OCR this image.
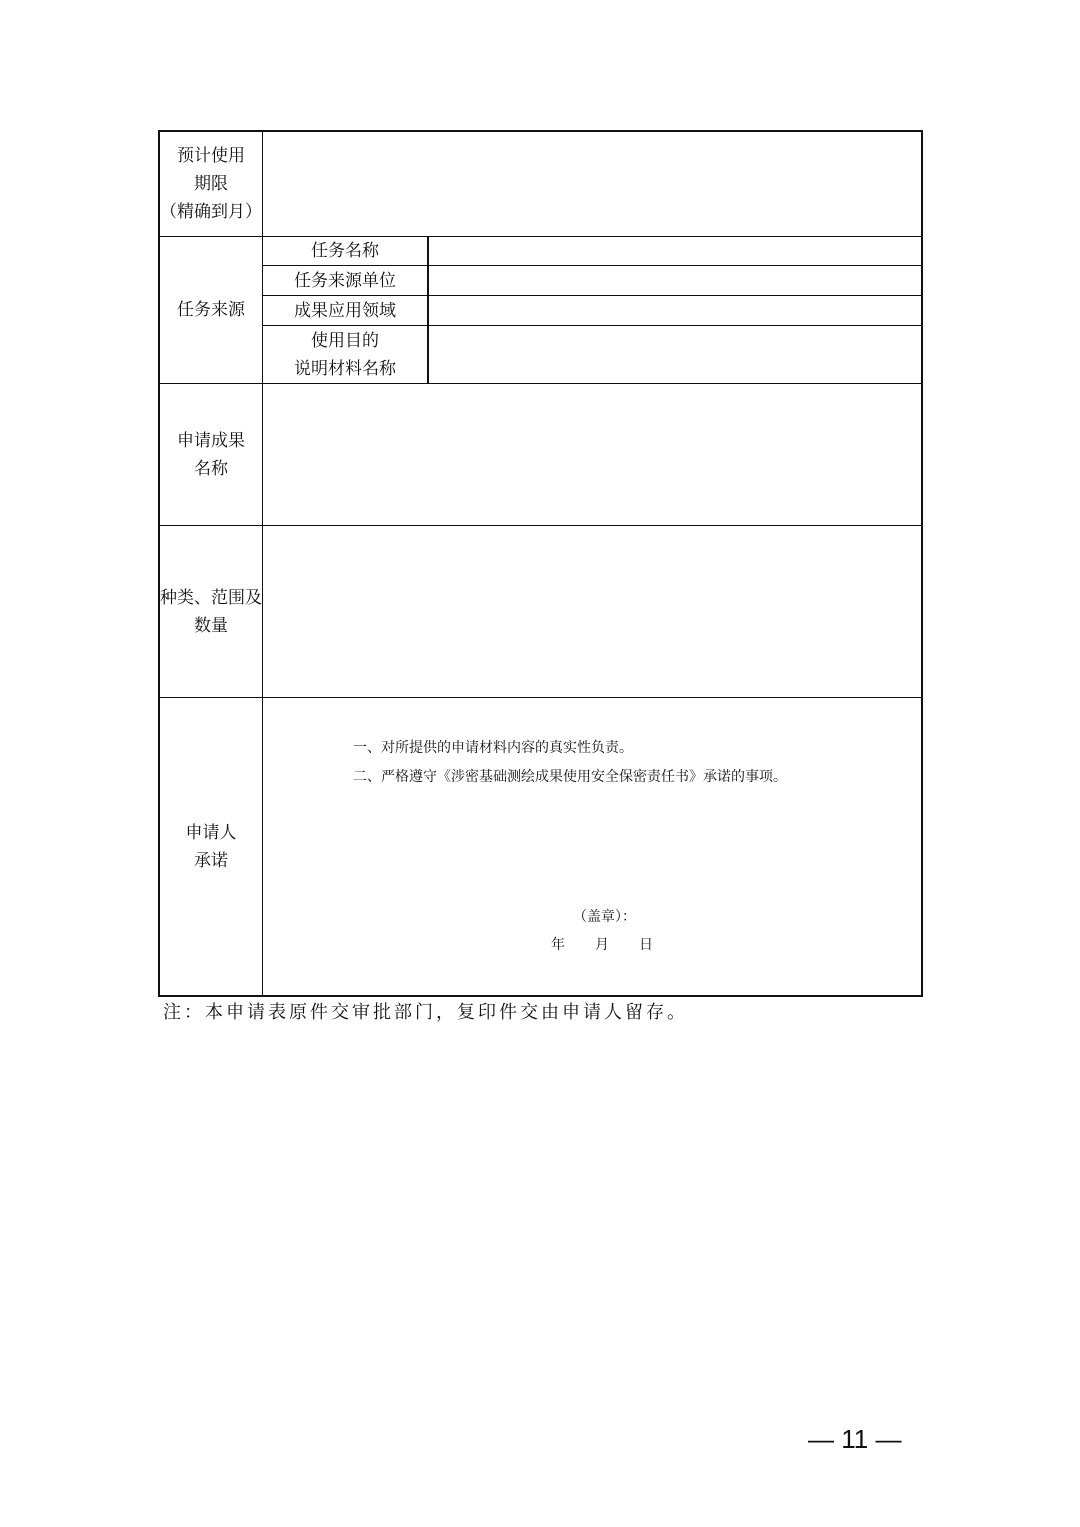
预计使用
期限
（精确到月）
任务来源
任务名称
任务来源单位
成果应用领域
使用目的
说明材料名称
申请成果
名称
种类、范围及
数量
申请人
承诺
一、对所提供的申请材料内容的真实性负责。
二、严格遵守《涉密基础测绘成果使用安全保密责任书》承诺的事项。
（盖章）：
年 月 日
注：本申请表原件交审批部门，复印件交由申请人留存。
— 11 —
